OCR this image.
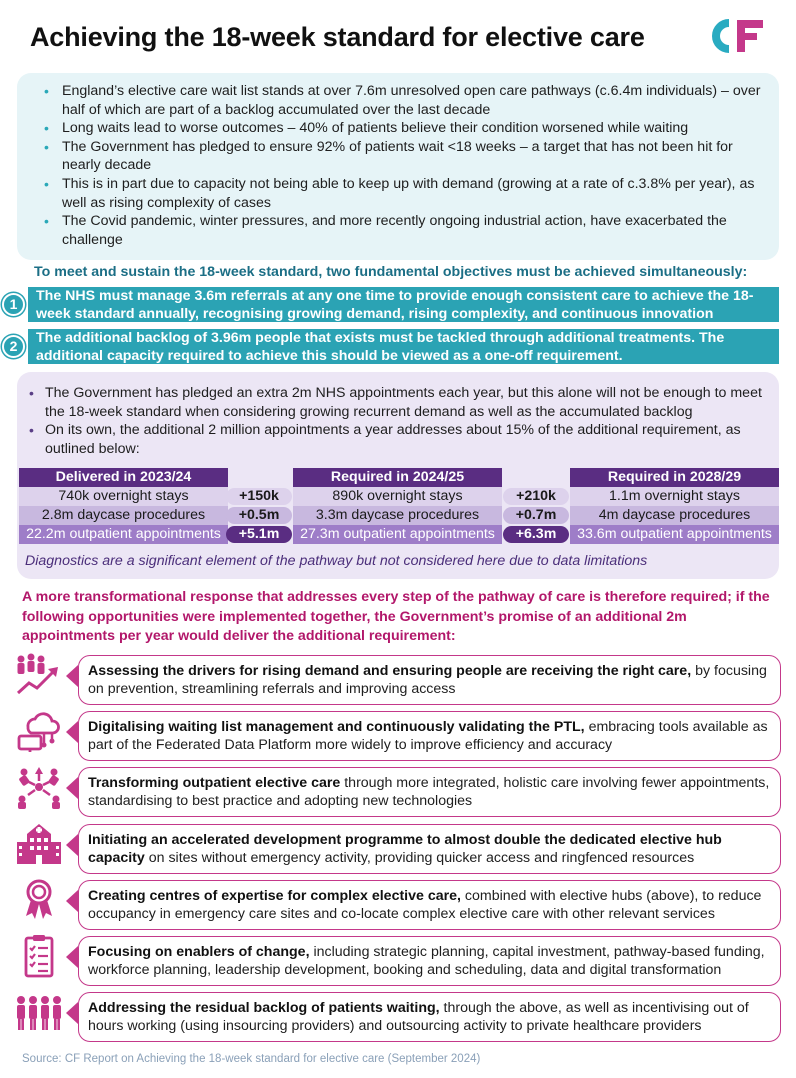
Achieving the 18-week standard for elective care
• England’s elective care wait list stands at over 7.6m unresolved open care pathways (c.6.4m individuals) – over half of which are part of a backlog accumulated over the last decade
• Long waits lead to worse outcomes – 40% of patients believe their condition worsened while waiting
• The Government has pledged to ensure 92% of patients wait <18 weeks – a target that has not been hit for nearly decade
• This is in part due to capacity not being able to keep up with demand (growing at a rate of c.3.8% per year), as well as rising complexity of cases
• The Covid pandemic, winter pressures, and more recently ongoing industrial action, have exacerbated the challenge
To meet and sustain the 18-week standard, two fundamental objectives must be achieved simultaneously:
The NHS must manage 3.6m referrals at any one time to provide enough consistent care to achieve the 18-week standard annually, recognising growing demand, rising complexity, and continuous innovation
1
The additional backlog of 3.96m people that exists must be tackled through additional treatments. The additional capacity required to achieve this should be viewed as a one-off requirement.
2
• The Government has pledged an extra 2m NHS appointments each year, but this alone will not be enough to meet the 18-week standard when considering growing recurrent demand as well as the accumulated backlog
• On its own, the additional 2 million appointments a year addresses about 15% of the additional requirement, as outlined below:
Delivered in 2023/24
740k overnight stays
2.8m daycase procedures
22.2m outpatient appointments
+150k
+0.5m
+5.1m
Required in 2024/25
890k overnight stays
3.3m daycase procedures
27.3m outpatient appointments
+210k
+0.7m
+6.3m
Required in 2028/29
1.1m overnight stays
4m daycase procedures
33.6m outpatient appointments
Diagnostics are a significant element of the pathway but not considered here due to data limitations
A more transformational response that addresses every step of the pathway of care is therefore required; if the following opportunities were implemented together, the Government’s promise of an additional 2m appointments per year would deliver the additional requirement:
Assessing the drivers for rising demand and ensuring people are receiving the right care, by focusing on prevention, streamlining referrals and improving access
Digitalising waiting list management and continuously validating the PTL, embracing tools available as part of the Federated Data Platform more widely to improve efficiency and accuracy
Transforming outpatient elective care through more integrated, holistic care involving fewer appointments, standardising to best practice and adopting new technologies
Initiating an accelerated development programme to almost double the dedicated elective hub capacity on sites without emergency activity, providing quicker access and ringfenced resources
Creating centres of expertise for complex elective care, combined with elective hubs (above), to reduce occupancy in emergency care sites and co-locate complex elective care with other relevant services
Focusing on enablers of change, including strategic planning, capital investment, pathway-based funding, workforce planning, leadership development, booking and scheduling, data and digital transformation
Addressing the residual backlog of patients waiting, through the above, as well as incentivising out of hours working (using insourcing providers) and outsourcing activity to private healthcare providers
Source: CF Report on Achieving the 18-week standard for elective care (September 2024)
